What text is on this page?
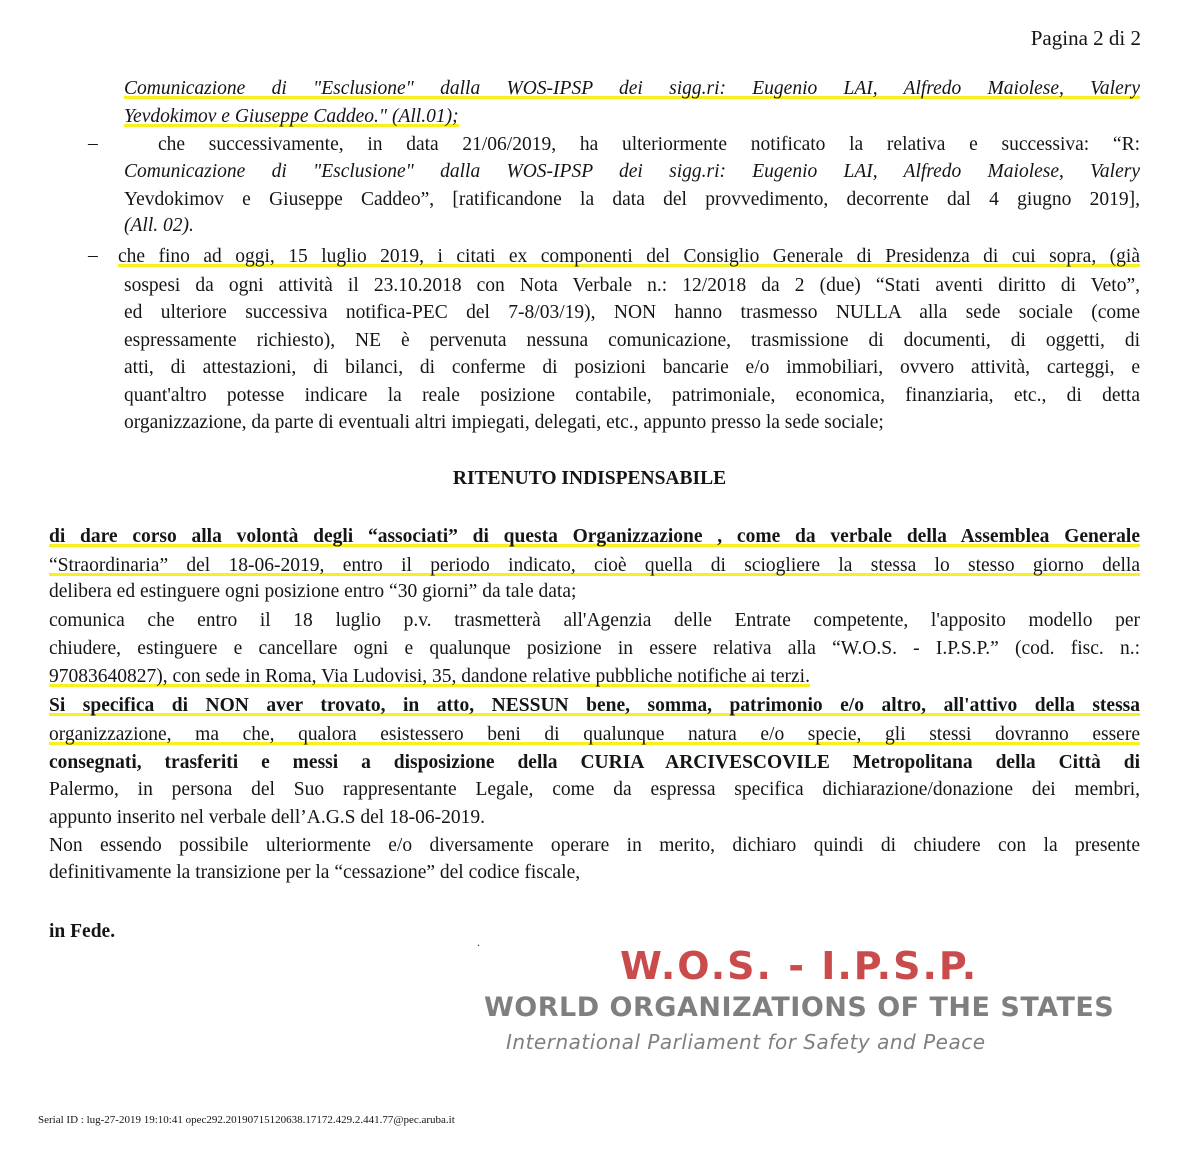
Pagina 2 di 2
Comunicazione di "Esclusione" dalla WOS-IPSP dei sigg.ri: Eugenio LAI, Alfredo Maiolese, Valery
Yevdokimov e Giuseppe Caddeo." (All.01);
–	che successivamente, in data 21/06/2019, ha ulteriormente notificato la relativa e successiva: “R:
Comunicazione di "Esclusione" dalla WOS-IPSP dei sigg.ri: Eugenio LAI, Alfredo Maiolese, Valery
Yevdokimov e Giuseppe Caddeo”, [ratificandone la data del provvedimento, decorrente dal 4 giugno 2019],
(All. 02).
– che fino ad oggi, 15 luglio 2019, i citati ex componenti del Consiglio Generale di Presidenza di cui sopra, (già
sospesi da ogni attività il 23.10.2018 con Nota Verbale n.: 12/2018 da 2 (due) “Stati aventi diritto di Veto”,
ed ulteriore successiva notifica-PEC del 7-8/03/19), NON hanno trasmesso NULLA alla sede sociale (come
espressamente richiesto), NE è pervenuta nessuna comunicazione, trasmissione di documenti, di oggetti, di
atti, di attestazioni, di bilanci, di conferme di posizioni bancarie e/o immobiliari, ovvero attività, carteggi, e
quant'altro potesse indicare la reale posizione contabile, patrimoniale, economica, finanziaria, etc., di detta
organizzazione, da parte di eventuali altri impiegati, delegati, etc., appunto presso la sede sociale;
RITENUTO INDISPENSABILE
di dare corso alla volontà degli “associati” di questa Organizzazione , come da verbale della Assemblea Generale
“Straordinaria” del 18-06-2019, entro il periodo indicato, cioè quella di sciogliere la stessa lo stesso giorno della
delibera ed estinguere ogni posizione entro “30 giorni” da tale data;
comunica che entro il 18 luglio p.v. trasmetterà all'Agenzia delle Entrate competente, l'apposito modello per
chiudere, estinguere e cancellare ogni e qualunque posizione in essere relativa alla “W.O.S. - I.P.S.P.” (cod. fisc. n.:
97083640827), con sede in Roma, Via Ludovisi, 35, dandone relative pubbliche notifiche ai terzi.
Si specifica di NON aver trovato, in atto, NESSUN bene, somma, patrimonio e/o altro, all'attivo della stessa
organizzazione, ma che, qualora esistessero beni di qualunque natura e/o specie, gli stessi dovranno essere
consegnati, trasferiti e messi a disposizione della CURIA ARCIVESCOVILE Metropolitana della Città di
Palermo, in persona del Suo rappresentante Legale, come da espressa specifica dichiarazione/donazione dei membri,
appunto inserito nel verbale dell’A.G.S del 18-06-2019.
Non essendo possibile ulteriormente e/o diversamente operare in merito, dichiaro quindi di chiudere con la presente
definitivamente la transizione per la “cessazione” del codice fiscale,
in Fede.	.
W.O.S. - I.P.S.P.
WORLD ORGANIZATIONS OF THE STATES
International Parliament for Safety and Peace
Serial ID : lug-27-2019 19:10:41 opec292.20190715120638.17172.429.2.441.77@pec.aruba.it
